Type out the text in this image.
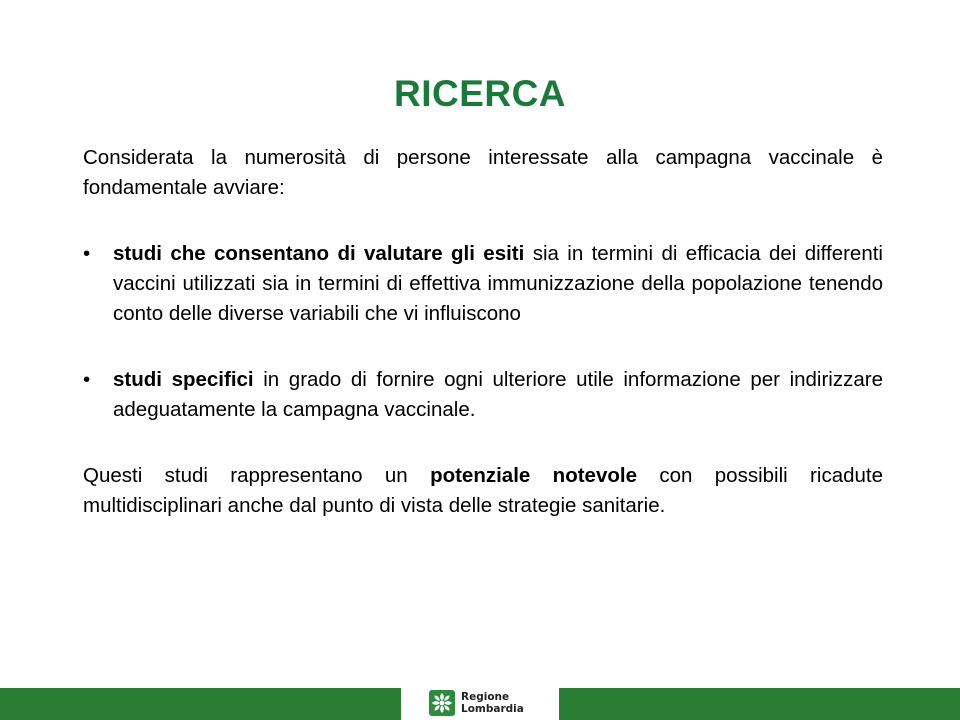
RICERCA

Considerata la numerosità di persone interessate alla campagna vaccinale è fondamentale avviare:

• studi che consentano di valutare gli esiti sia in termini di efficacia dei differenti vaccini utilizzati sia in termini di effettiva immunizzazione della popolazione tenendo conto delle diverse variabili che vi influiscono
• studi specifici in grado di fornire ogni ulteriore utile informazione per indirizzare adeguatamente la campagna vaccinale.

Questi studi rappresentano un potenziale notevole con possibili ricadute multidisciplinari anche dal punto di vista delle strategie sanitarie.

Regione
Lombardia
